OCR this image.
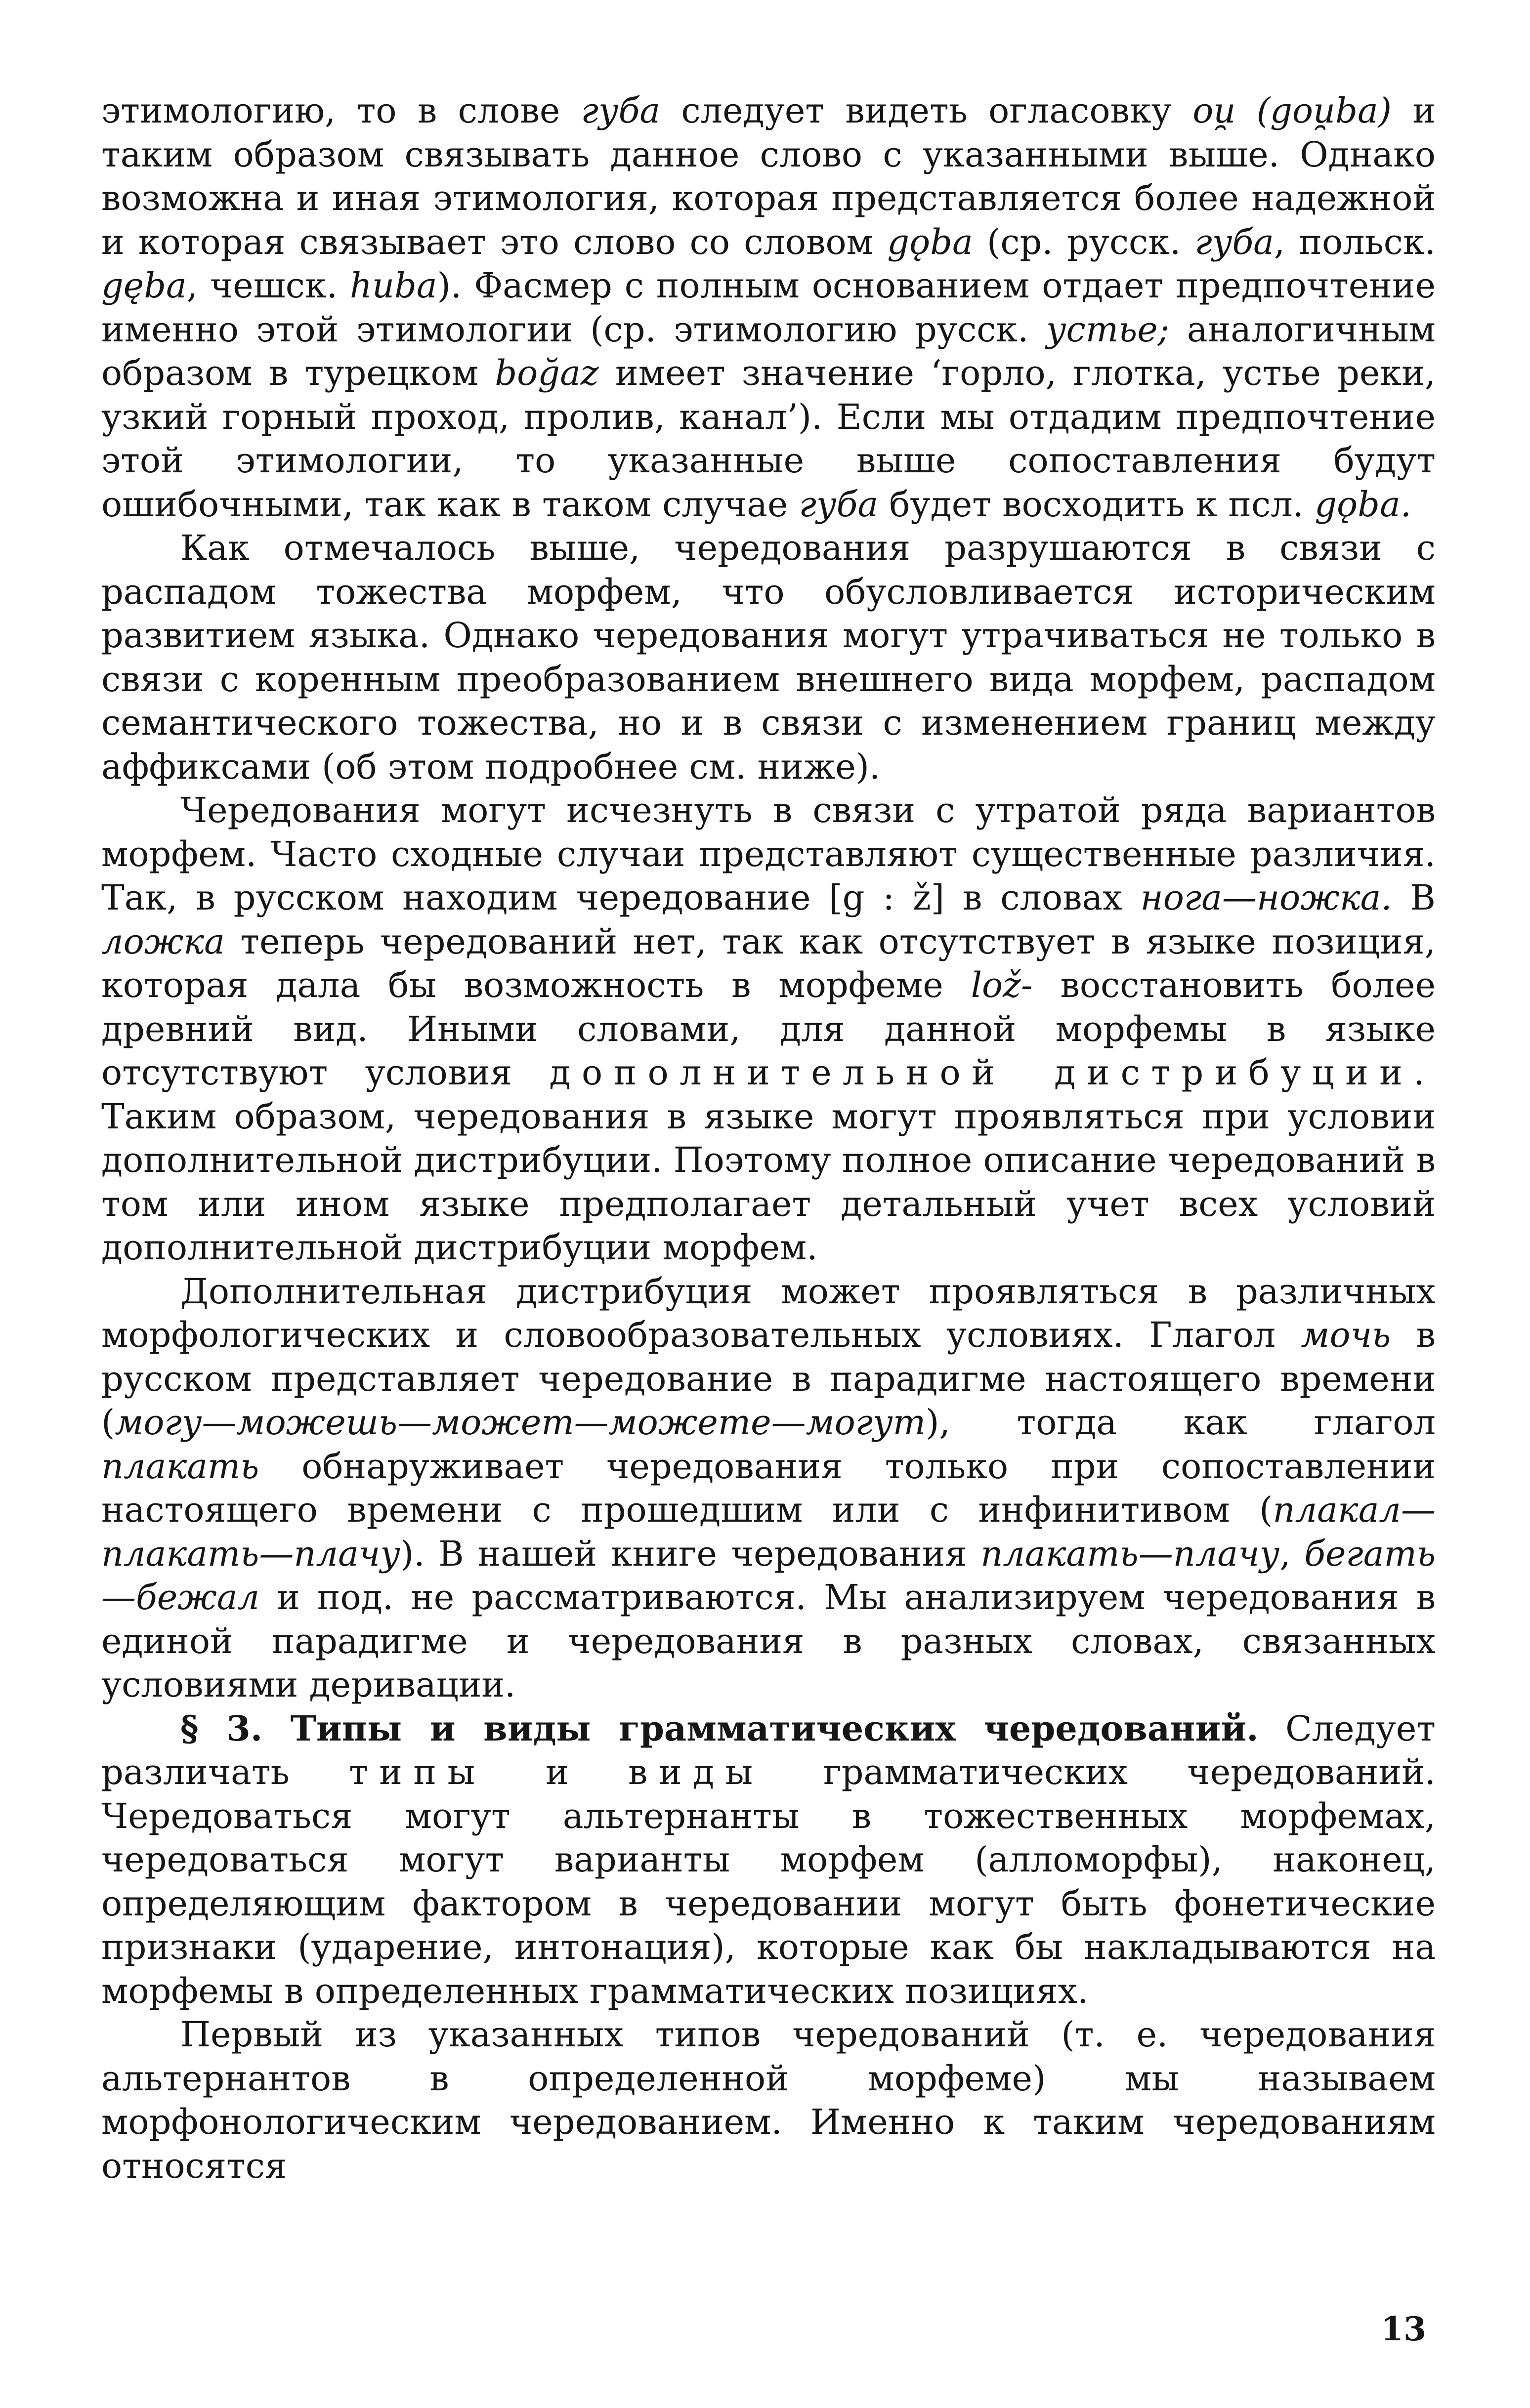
этимологию, то в слове губа следует видеть огласовку ou̯ (gou̯ba) и таким образом связывать данное слово с указанными выше. Однако возможна и иная этимология, которая представляется более надежной и которая связывает это слово со словом gǫba (ср. русск. губа, польск. gęba, чешск. huba). Фасмер с полным основанием отдает предпочтение именно этой этимологии (ср. этимологию русск. устье; аналогичным образом в турецком boğaz имеет значение ‘горло, глотка, устье реки, узкий горный проход, пролив, канал’). Если мы отдадим предпочтение этой этимологии, то указанные выше сопоставления будут ошибочными, так как в таком случае губа будет восходить к псл. gǫba.

Как отмечалось выше, чередования разрушаются в связи с распадом тожества морфем, что обусловливается историческим развитием языка. Однако чередования могут утрачиваться не только в связи с коренным преобразованием внешнего вида морфем, распадом семантического тожества, но и в связи с изменением границ между аффиксами (об этом подробнее см. ниже).

Чередования могут исчезнуть в связи с утратой ряда вариантов морфем. Часто сходные случаи представляют существенные различия. Так, в русском находим чередование [g : ž] в словах нога—ножка. В ложка теперь чередований нет, так как отсутствует в языке позиция, которая дала бы возможность в морфеме lož- восстановить более древний вид. Иными словами, для данной морфемы в языке отсутствуют условия дополнительной дистрибуции. Таким образом, чередования в языке могут проявляться при условии дополнительной дистрибуции. Поэтому полное описание чередований в том или ином языке предполагает детальный учет всех условий дополнительной дистрибуции морфем.

Дополнительная дистрибуция может проявляться в различных морфологических и словообразовательных условиях. Глагол мочь в русском представляет чередование в парадигме настоящего времени (могу—можешь—может—можете—могут), тогда как глагол плакать обнаруживает чередования только при сопоставлении настоящего времени с прошедшим или с инфинитивом (плакал—плакать—плачу). В нашей книге чередования плакать—плачу, бегать—бежал и под. не рассматриваются. Мы анализируем чередования в единой парадигме и чередования в разных словах, связанных условиями деривации.

§ 3. Типы и виды грамматических чередований. Следует различать типы и виды грамматических чередований. Чередоваться могут альтернанты в тожественных морфемах, чередоваться могут варианты морфем (алломорфы), наконец, определяющим фактором в чередовании могут быть фонетические признаки (ударение, интонация), которые как бы накладываются на морфемы в определенных грамматических позициях.

Первый из указанных типов чередований (т. е. чередования альтернантов в определенной морфеме) мы называем морфонологическим чередованием. Именно к таким чередованиям относятся

13
